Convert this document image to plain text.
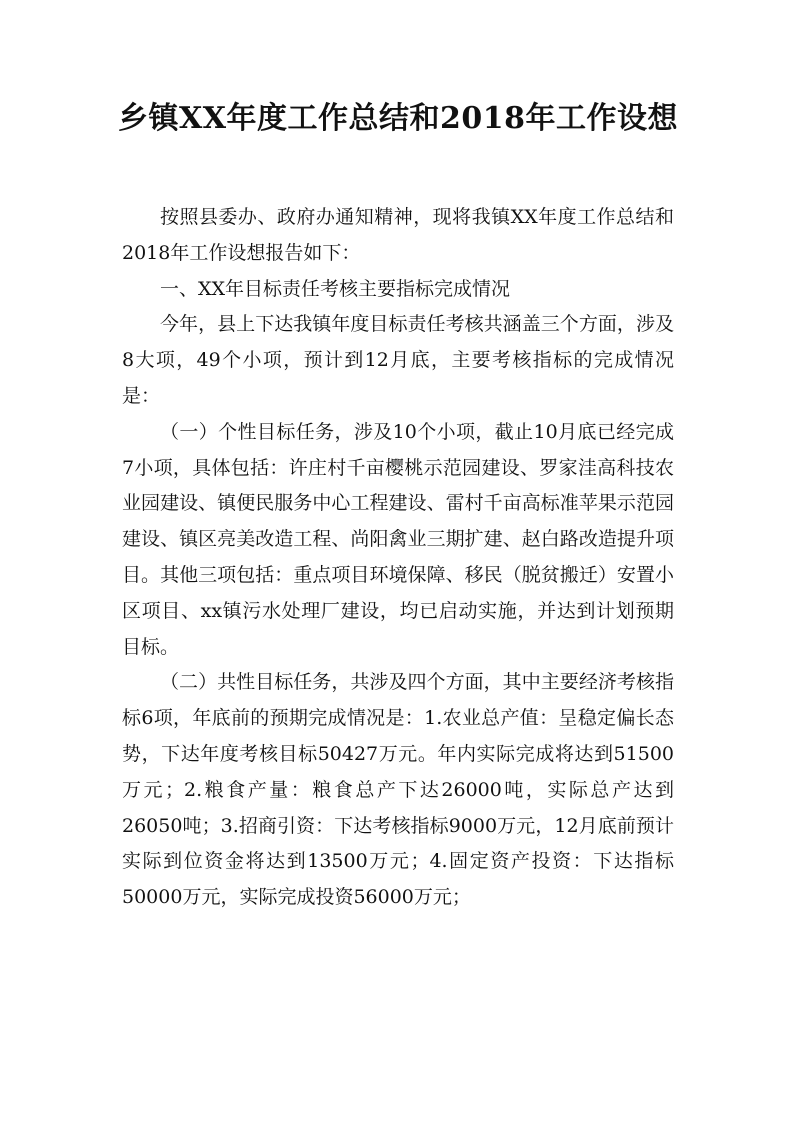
乡镇XX年度工作总结和2018年工作设想

按照县委办、政府办通知精神，现将我镇XX年度工作总结和2018年工作设想报告如下：

一、XX年目标责任考核主要指标完成情况

今年，县上下达我镇年度目标责任考核共涵盖三个方面，涉及8大项，49个小项，预计到12月底，主要考核指标的完成情况是：

（一）个性目标任务，涉及10个小项，截止10月底已经完成7小项，具体包括：许庄村千亩樱桃示范园建设、罗家洼高科技农业园建设、镇便民服务中心工程建设、雷村千亩高标准苹果示范园建设、镇区亮美改造工程、尚阳禽业三期扩建、赵白路改造提升项目。其他三项包括：重点项目环境保障、移民（脱贫搬迁）安置小区项目、xx镇污水处理厂建设，均已启动实施，并达到计划预期目标。

（二）共性目标任务，共涉及四个方面，其中主要经济考核指标6项，年底前的预期完成情况是：1.农业总产值：呈稳定偏长态势，下达年度考核目标50427万元。年内实际完成将达到51500万元；2.粮食产量：粮食总产下达26000吨，实际总产达到26050吨；3.招商引资：下达考核指标9000万元，12月底前预计实际到位资金将达到13500万元；4.固定资产投资：下达指标50000万元，实际完成投资56000万元；
